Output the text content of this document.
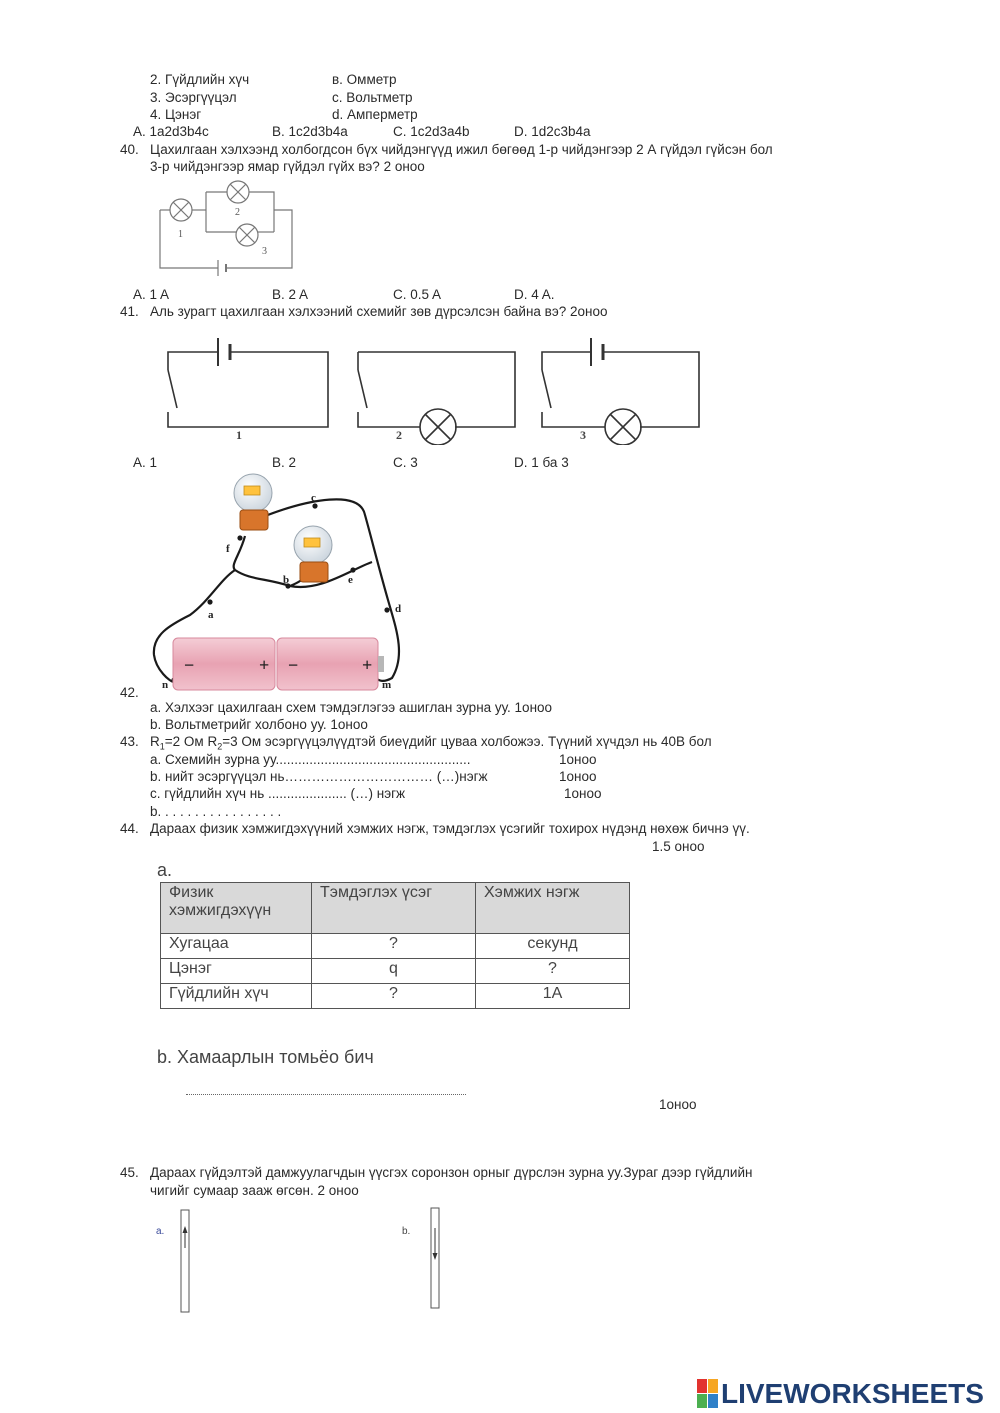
2. Гүйдлийн хүч	в. Омметр
3. Эсэргүүцэл	с. Вольтметр
4. Цэнэг	d. Амперметр
A. 1a2d3b4c	B. 1c2d3b4a	C. 1c2d3a4b	D. 1d2c3b4a
40. Цахилгаан хэлхээнд холбогдсон бүх чийдэнгүүд ижил бөгөөд 1-р чийдэнгээр 2 А гүйдэл гүйсэн бол
3-р чийдэнгээр ямар гүйдэл гүйх вэ? 2 оноо
1
2
3
A. 1 A	B. 2 A	C. 0.5 A	D. 4 A.
41. Аль зурагт цахилгаан хэлхээний схемийг зөв дүрсэлсэн байна вэ? 2оноо
1	2	3
A. 1	B. 2	C. 3	D. 1 ба 3
−	+ −	+
a
b
c
d
e
f
n	m
42.
a. Хэлхээг цахилгаан схем тэмдэглэгээ ашиглан зурна уу. 1оноо
b. Вольтметрийг холбоно уу. 1оноо
43. $R_1=2$ Ом $R_2=3$ Ом эсэргүүцэлүүдтэй биеүдийг цуваа холбожээ. Түүний хүчдэл нь 40В бол
a. Схемийн зурна уу....................................................	1оноо
b. нийт эсэргүүцэл нь…………………………… (…)нэгж	1оноо
c. гүйдлийн хүч нь ..................... (…) нэгж	1оноо
b. . . . . . . . . . . . . . . . .
44. Дараах физик хэмжигдэхүүний хэмжих нэгж, тэмдэглэх үсэгийг тохирох нүдэнд нөхөж бичнэ үү.
1.5 оноо
a.
Физик хэмжигдэхүүн	Тэмдэглэх үсэг	Хэмжих нэгж
Хугацаа	?	секунд
Цэнэг	q	?
Гүйдлийн хүч	?	1А
b. Хамаарлын томьёо бич
1оноо
45. Дараах гүйдэлтэй дамжуулагчдын үүсгэх соронзон орныг дүрслэн зурна уу.Зураг дээр гүйдлийн
чигийг сумаар зааж өгсөн. 2 оноо
a.	b.
LIVEWORKSHEETS
